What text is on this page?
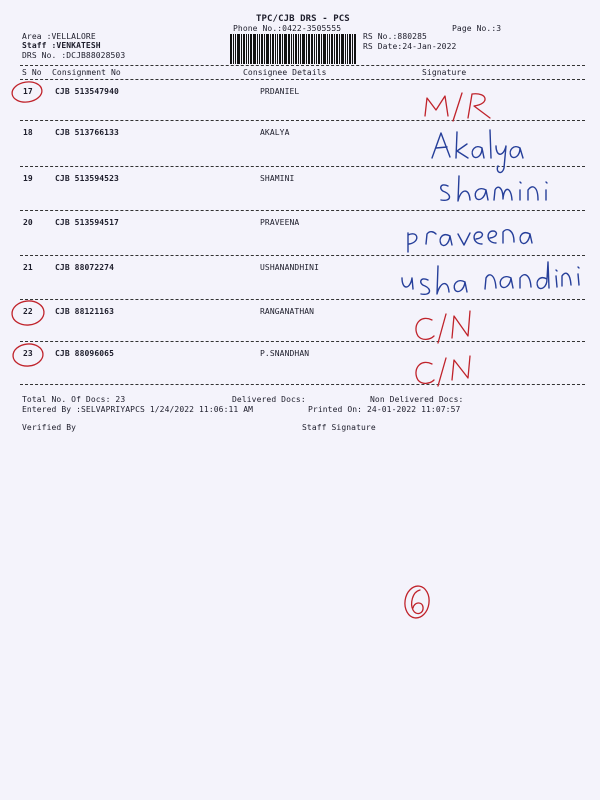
TPC/CJB DRS - PCS
Phone No.:0422-3505555	Page No.:3
Area :VELLALORE
Staff :VENKATESH
DRS No. :DCJB88028503
RS No.:880285
RS Date:24-Jan-2022
S No Consignment No	Consignee Details	Signature
17	CJB 513547940	PRDANIEL
18	CJB 513766133	AKALYA
19	CJB 513594523	SHAMINI
20	CJB 513594517	PRAVEENA
21	CJB 88072274	USHANANDHINI
22	CJB 88121163	RANGANATHAN
23	CJB 88096065	P.SNANDHAN
Total No. Of Docs: 23	Delivered Docs:	Non Delivered Docs:
Entered By :SELVAPRIYAPCS 1/24/2022 11:06:11 AM	Printed On: 24-01-2022 11:07:57
Verified By	Staff Signature
